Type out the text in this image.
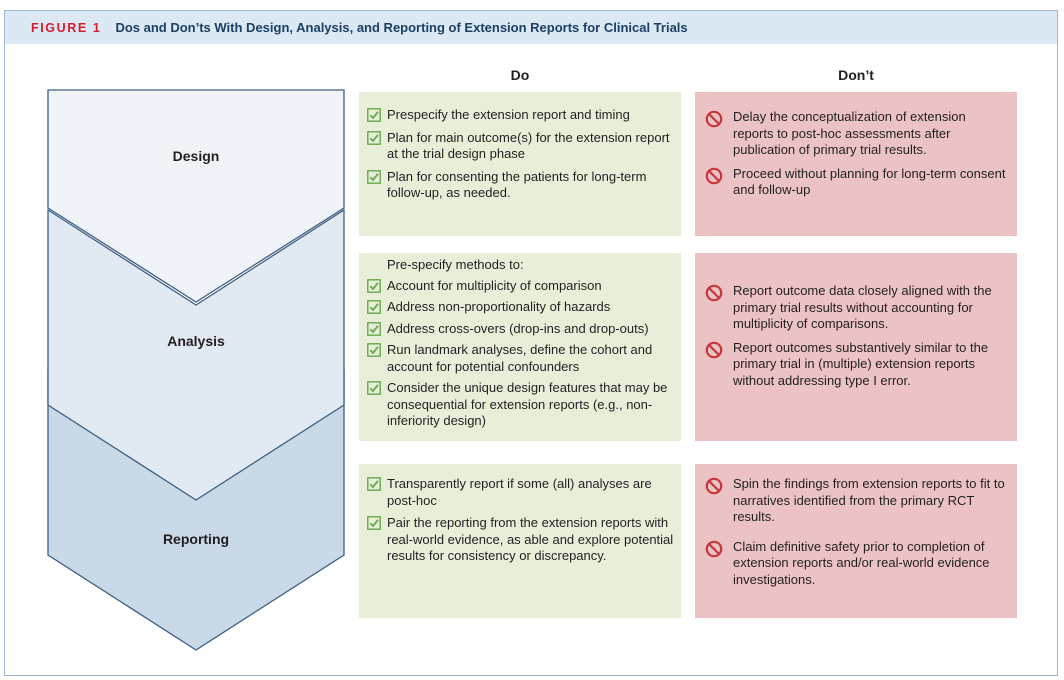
FIGURE 1 Dos and Don’ts With Design, Analysis, and Reporting of Extension Reports for Clinical Trials
Do	Don’t
Design
Analysis
Reporting
Prespecify the extension report and timing
Plan for main outcome(s) for the extension report at the trial design phase
Plan for consenting the patients for long-term follow-up, as needed.
Delay the conceptualization of extension reports to post-hoc assessments after publication of primary trial results.
Proceed without planning for long-term consent and follow-up
Pre-specify methods to:
Account for multiplicity of comparison
Address non-proportionality of hazards
Address cross-overs (drop-ins and drop-outs)
Run landmark analyses, define the cohort and account for potential confounders
Consider the unique design features that may be consequential for extension reports (e.g., non-inferiority design)
Report outcome data closely aligned with the primary trial results without accounting for multiplicity of comparisons.
Report outcomes substantively similar to the primary trial in (multiple) extension reports without addressing type I error.
Transparently report if some (all) analyses are post-hoc
Pair the reporting from the extension reports with real-world evidence, as able and explore potential results for consistency or discrepancy.
Spin the findings from extension reports to fit to narratives identified from the primary RCT results.
Claim definitive safety prior to completion of extension reports and/or real-world evidence investigations.
